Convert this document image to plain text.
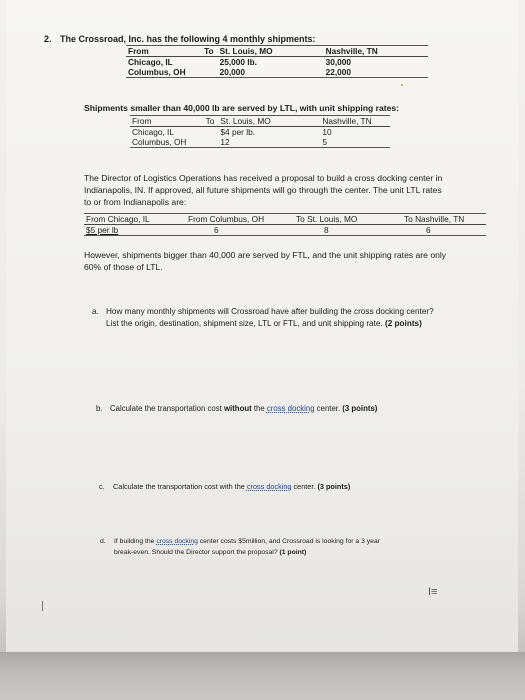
2. The Crossroad, Inc. has the following 4 monthly shipments:
From	To	St. Louis, MO	Nashville, TN
Chicago, IL		25,000 lb.	30,000
Columbus, OH		20,000	22,000
Shipments smaller than 40,000 lb are served by LTL, with unit shipping rates:
From	To	St. Louis, MO	Nashville, TN
Chicago, IL		$4 per lb.	10
Columbus, OH		12	5
The Director of Logistics Operations has received a proposal to build a cross docking center in
Indianapolis, IN. If approved, all future shipments will go through the center. The unit LTL rates
to or from Indianapolis are:
From Chicago, IL	From Columbus, OH	To St. Louis, MO	To Nashville, TN
$5 per lb	6	8	6
However, shipments bigger than 40,000 are served by FTL, and the unit shipping rates are only
60% of those of LTL.
a. How many monthly shipments will Crossroad have after building the cross docking center?
List the origin, destination, shipment size, LTL or FTL, and unit shipping rate. (2 points)
b. Calculate the transportation cost without the cross docking center. (3 points)
c. Calculate the transportation cost with the cross docking center. (3 points)
d. If building the cross docking center costs $5million, and Crossroad is looking for a 3 year
break-even. Should the Director support the proposal? (1 point)
I≡
